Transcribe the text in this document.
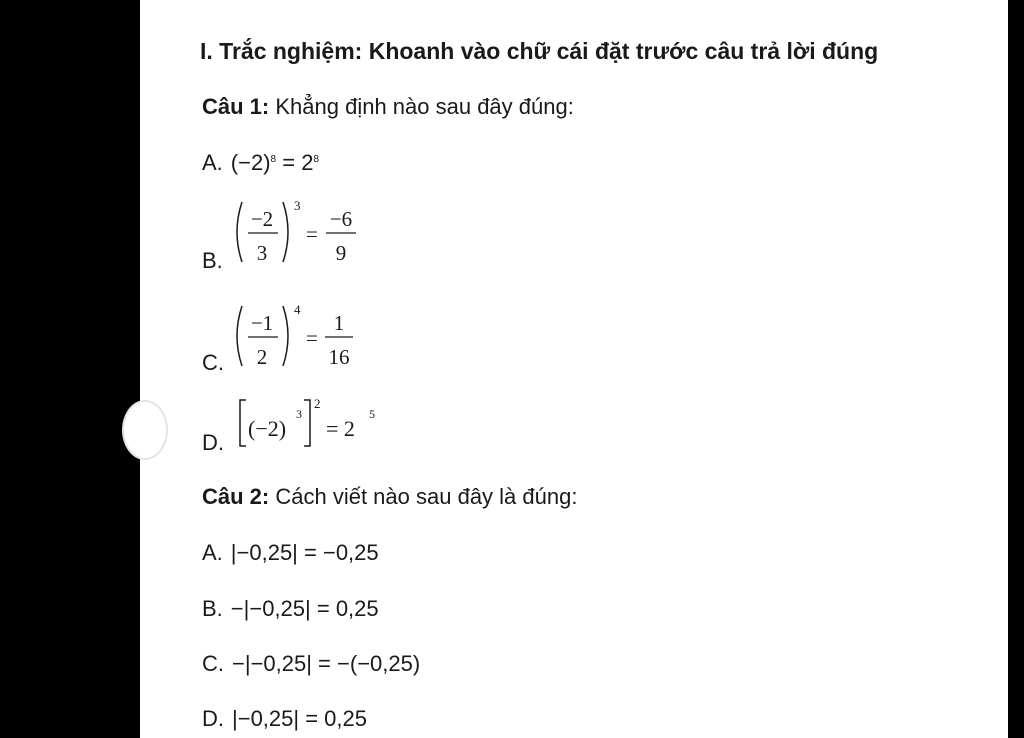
I. Trắc nghiệm: Khoanh vào chữ cái đặt trước câu trả lời đúng
Câu 1: Khẳng định nào sau đây đúng:
A. $(-2)^8 = 2^8$
B.
−2
3
3
=
−6
9
C.
−1
2
4
=
1
16
D.
(−2)
3
2
= 2
5
Câu 2: Cách viết nào sau đây là đúng:
A. |−0,25| = −0,25
B. −|−0,25| = 0,25
C. −|−0,25| = −(−0,25)
D. |−0,25| = 0,25
